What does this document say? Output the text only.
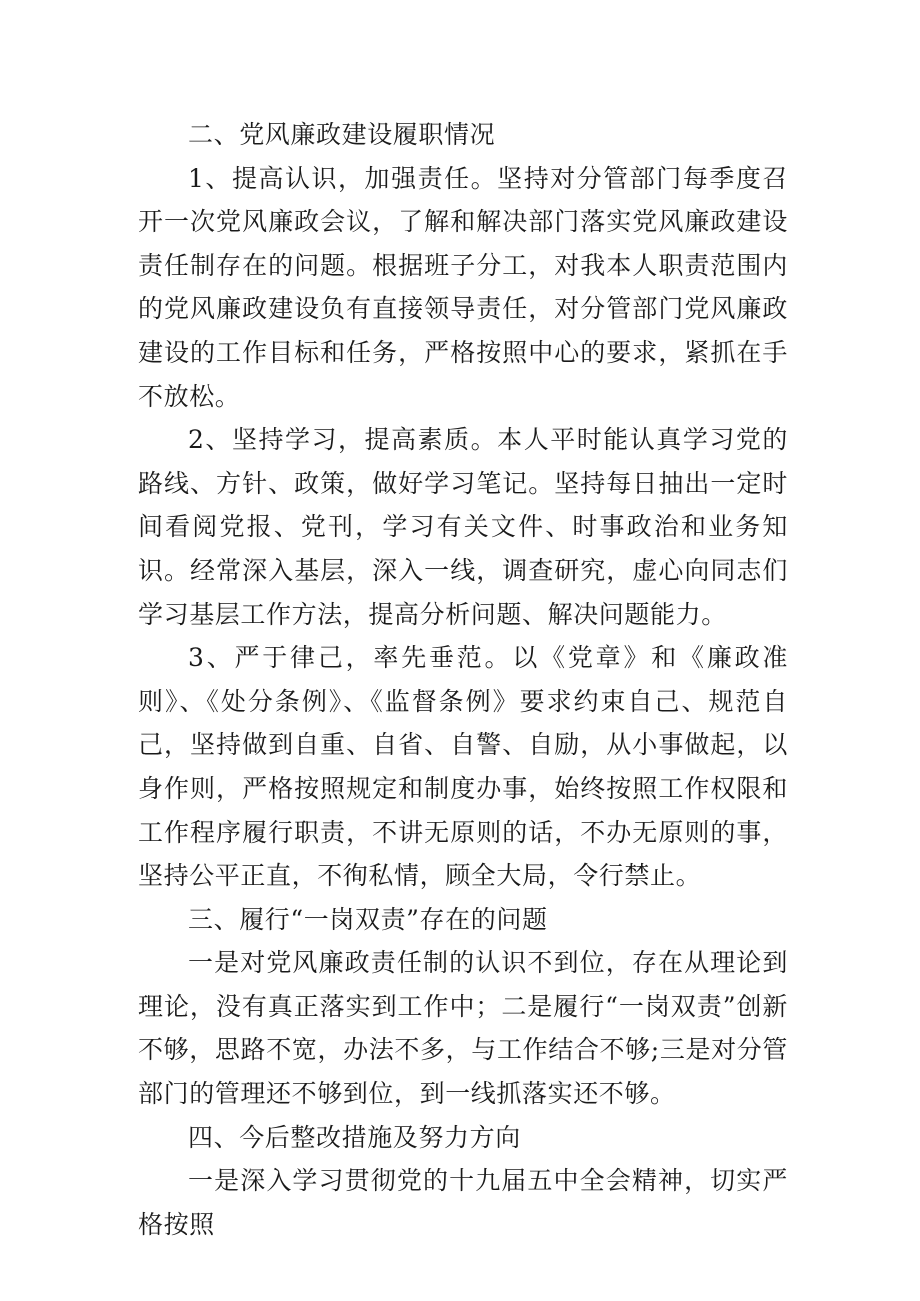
二、党风廉政建设履职情况

1、提高认识，加强责任。坚持对分管部门每季度召开一次党风廉政会议，了解和解决部门落实党风廉政建设责任制存在的问题。根据班子分工，对我本人职责范围内的党风廉政建设负有直接领导责任，对分管部门党风廉政建设的工作目标和任务，严格按照中心的要求，紧抓在手不放松。

2、坚持学习，提高素质。本人平时能认真学习党的路线、方针、政策，做好学习笔记。坚持每日抽出一定时间看阅党报、党刊，学习有关文件、时事政治和业务知识。经常深入基层，深入一线，调查研究，虚心向同志们学习基层工作方法，提高分析问题、解决问题能力。

3、严于律己，率先垂范。以《党章》和《廉政准则》、《处分条例》、《监督条例》要求约束自己、规范自己，坚持做到自重、自省、自警、自励，从小事做起，以身作则，严格按照规定和制度办事，始终按照工作权限和工作程序履行职责，不讲无原则的话，不办无原则的事，坚持公平正直，不徇私情，顾全大局，令行禁止。

三、履行“一岗双责”存在的问题

一是对党风廉政责任制的认识不到位，存在从理论到理论，没有真正落实到工作中；二是履行“一岗双责”创新不够，思路不宽，办法不多，与工作结合不够;三是对分管部门的管理还不够到位，到一线抓落实还不够。

四、今后整改措施及努力方向

一是深入学习贯彻党的十九届五中全会精神，切实严格按照
